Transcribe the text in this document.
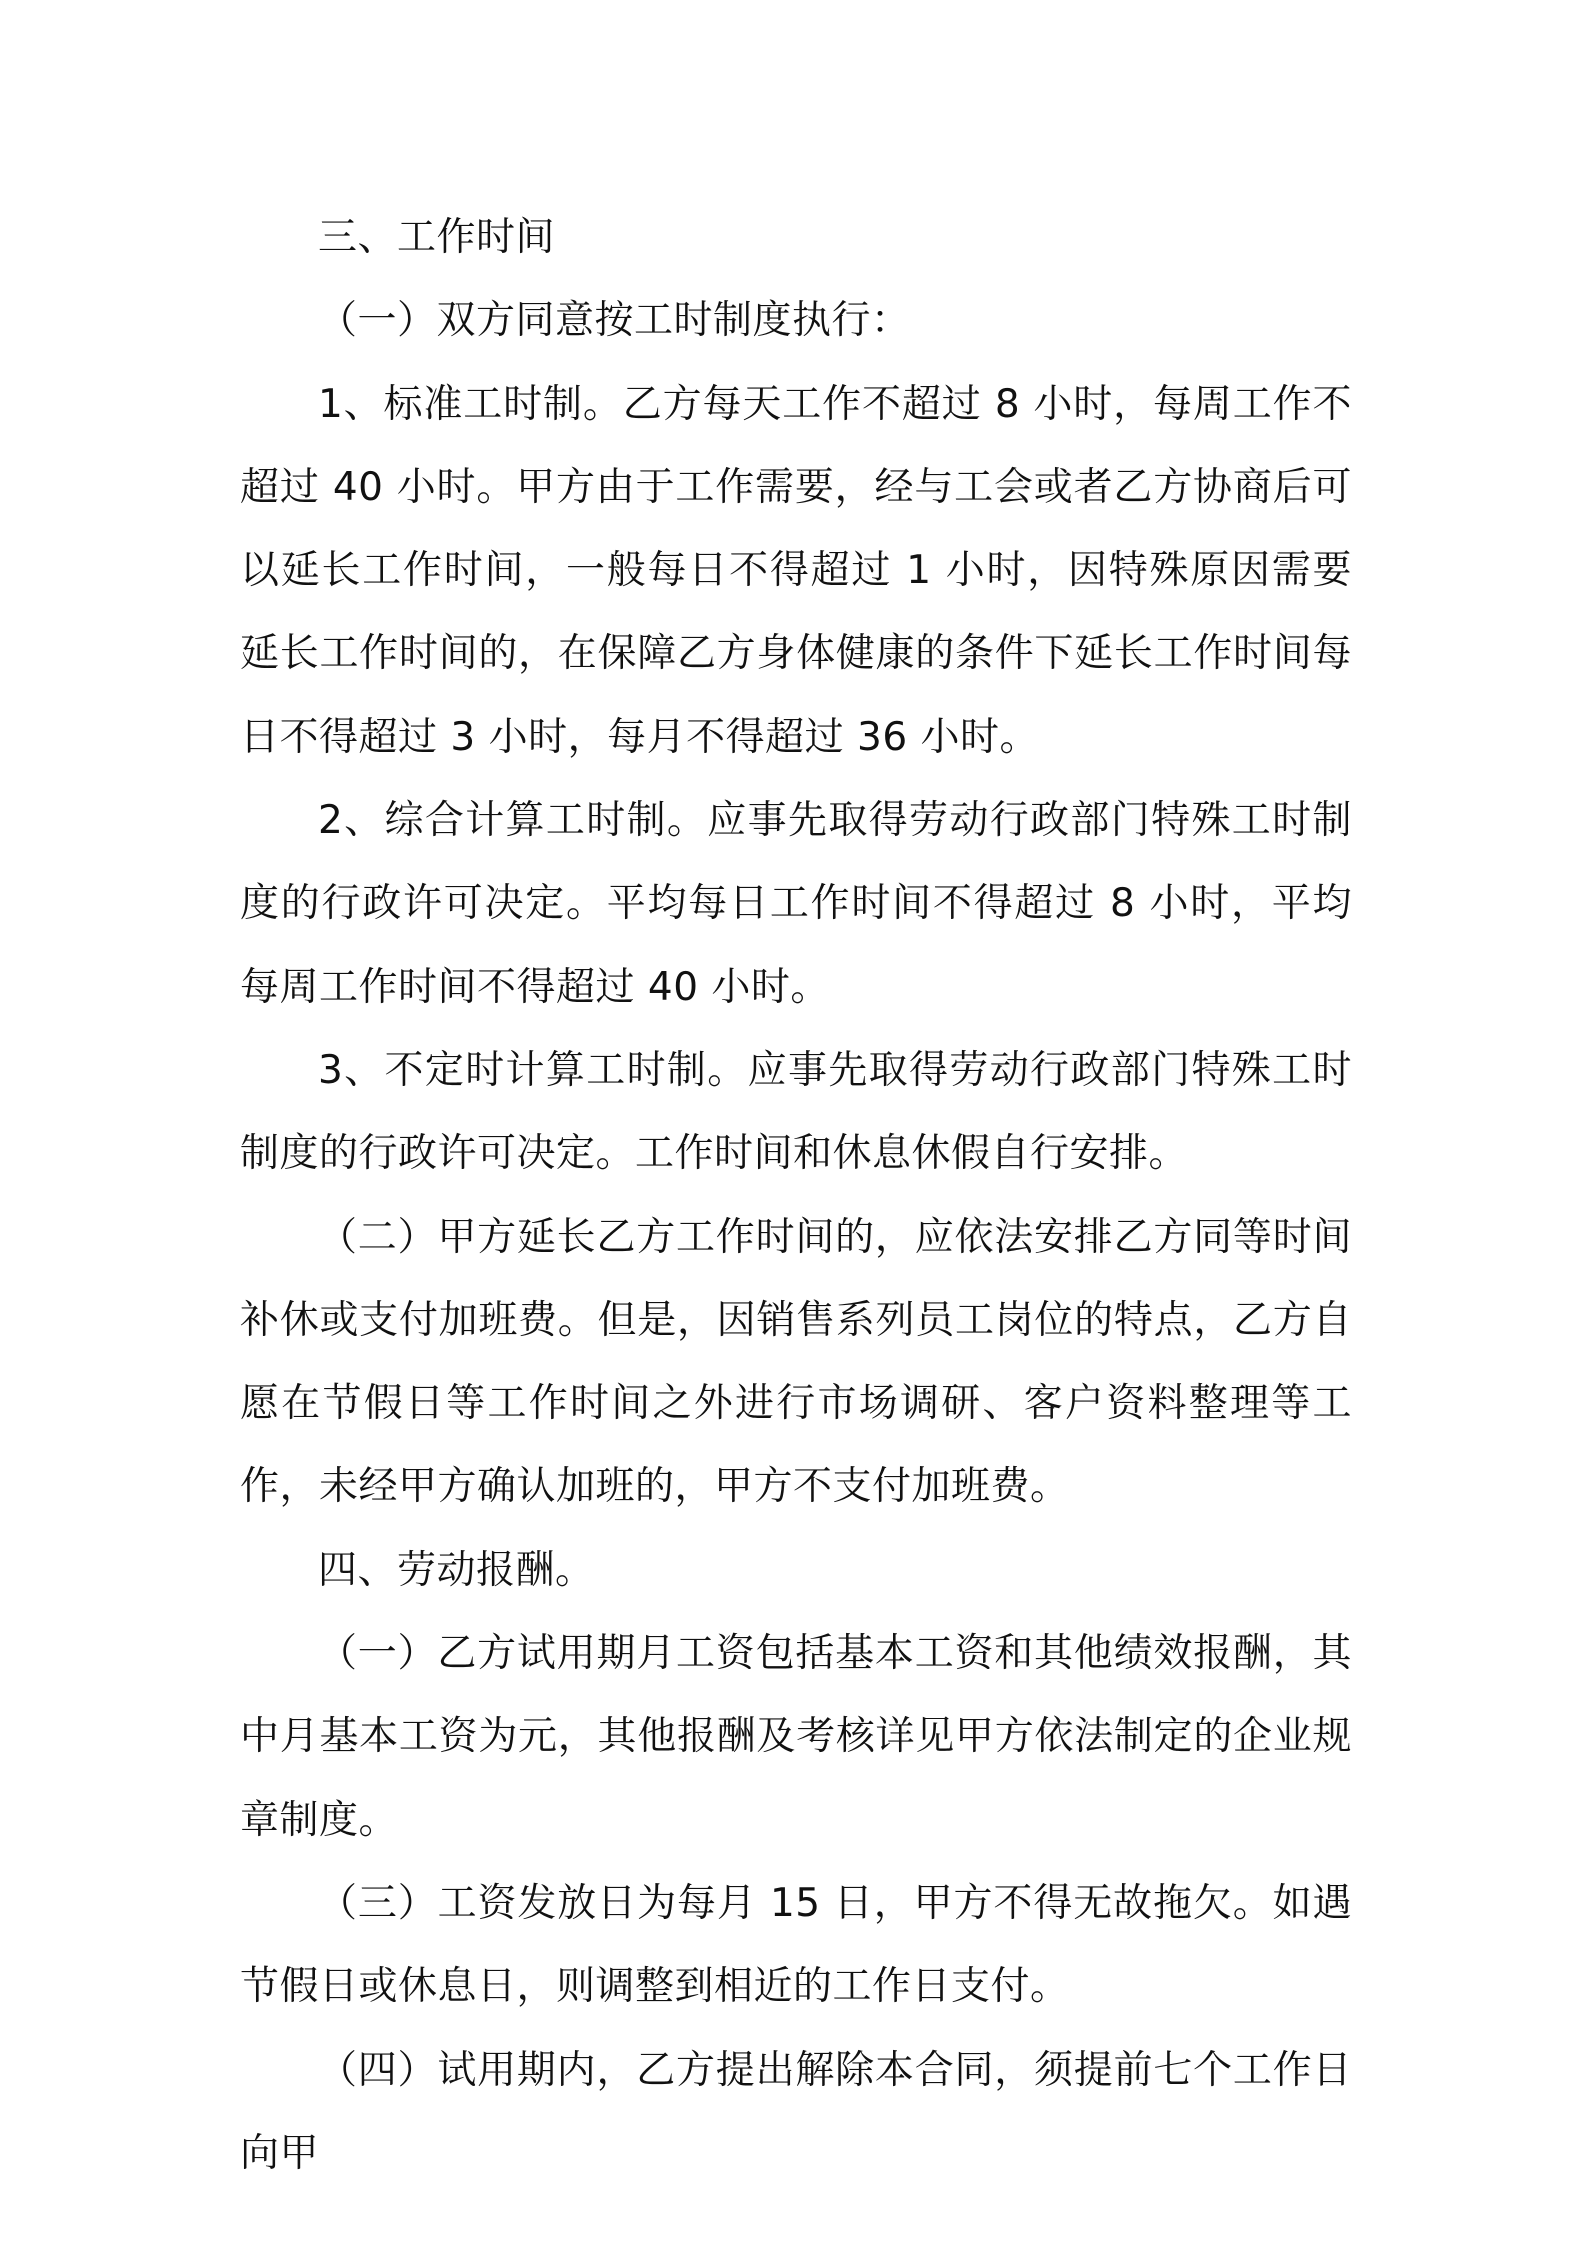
三、工作时间

（一）双方同意按工时制度执行：

1、标准工时制。乙方每天工作不超过 8 小时，每周工作不超过 40 小时。甲方由于工作需要，经与工会或者乙方协商后可以延长工作时间，一般每日不得超过 1 小时，因特殊原因需要延长工作时间的，在保障乙方身体健康的条件下延长工作时间每日不得超过 3 小时，每月不得超过 36 小时。

2、综合计算工时制。应事先取得劳动行政部门特殊工时制度的行政许可决定。平均每日工作时间不得超过 8 小时，平均每周工作时间不得超过 40 小时。

3、不定时计算工时制。应事先取得劳动行政部门特殊工时制度的行政许可决定。工作时间和休息休假自行安排。

（二）甲方延长乙方工作时间的，应依法安排乙方同等时间补休或支付加班费。但是，因销售系列员工岗位的特点，乙方自愿在节假日等工作时间之外进行市场调研、客户资料整理等工作，未经甲方确认加班的，甲方不支付加班费。

四、劳动报酬。

（一）乙方试用期月工资包括基本工资和其他绩效报酬，其中月基本工资为元，其他报酬及考核详见甲方依法制定的企业规章制度。

（三）工资发放日为每月 15 日，甲方不得无故拖欠。如遇节假日或休息日，则调整到相近的工作日支付。

（四）试用期内，乙方提出解除本合同，须提前七个工作日向甲
